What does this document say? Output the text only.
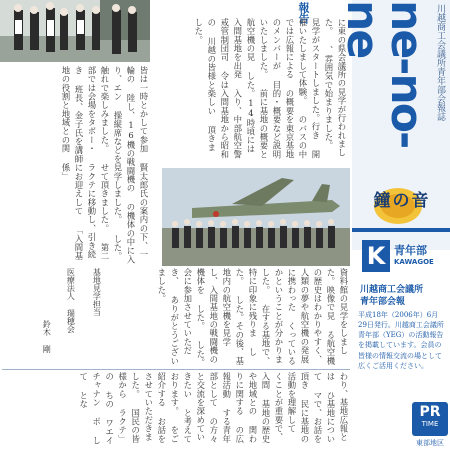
川越商工会議所青年部会報誌
ne-no-ne
鐘の音
K 青年部
KAWAGOE
川越商工会議所
青年部会報
平成18年（2006年）6月29日発行。川越商工会議所青年部（YEG）の活動報告を掲載しています。会員の皆様の情報交流の場として広くご活用ください。
PR
TIME
東部地区
報告
に東の県会議所の見学が行われました。 、雰囲気で始まりました。 見学がスタートしました。行き 開催いたしまして体験。 のバスの中では広報による の概要を東京基地のメンバーが 目的・概要など説明いたしました。 前に基地の概要と航空機の見 した。14時頃には入間基地を出発 入り、中部航空警戒管制団司 令は入間基地から昭和の 川越の皆様と楽しい 頂きました。
皆は一時とかして参加 賢太郎氏の案内の下、一輪の 陸し、16機の戦闘機の の機体の中に入り、エン 操縦席などを見学しました。 した。 触れで楽しみました。 せて頂きました。 第二部では会場をタボー・ ラクテに移動し、引き続き 班長、金子氏を講師にお迎えして 「入間基地の役割と地域との関 係」
資料館の見学をしました。映像で見 る航空機の歴史はわかりやすく、 人類の夢や航空機の発展に携わった くっているかということが分かりました。 在する基地で、特に印象に残りま した。 した。その後、基地内の航空機を見学 し、入間基地の戦闘機の機体を した。 した。 会に参加させていただき、 ありがとうございました。
基地見学担当
医療法人 瑞穂会
鈴木 剛
わり、基地広報とは ひ基地について マで、お話を頂き 民に基地の活動を理解して くことが重要で、入間 基地の歴史や地域との 関わりに関する の広報活動 する青年部として の方々と交流を深めていきたい と考えております。 をご紹介する お話をさせていただきました。 国民の皆様から ラクテ」の ちの ワエイ チャナン ポ して とな
